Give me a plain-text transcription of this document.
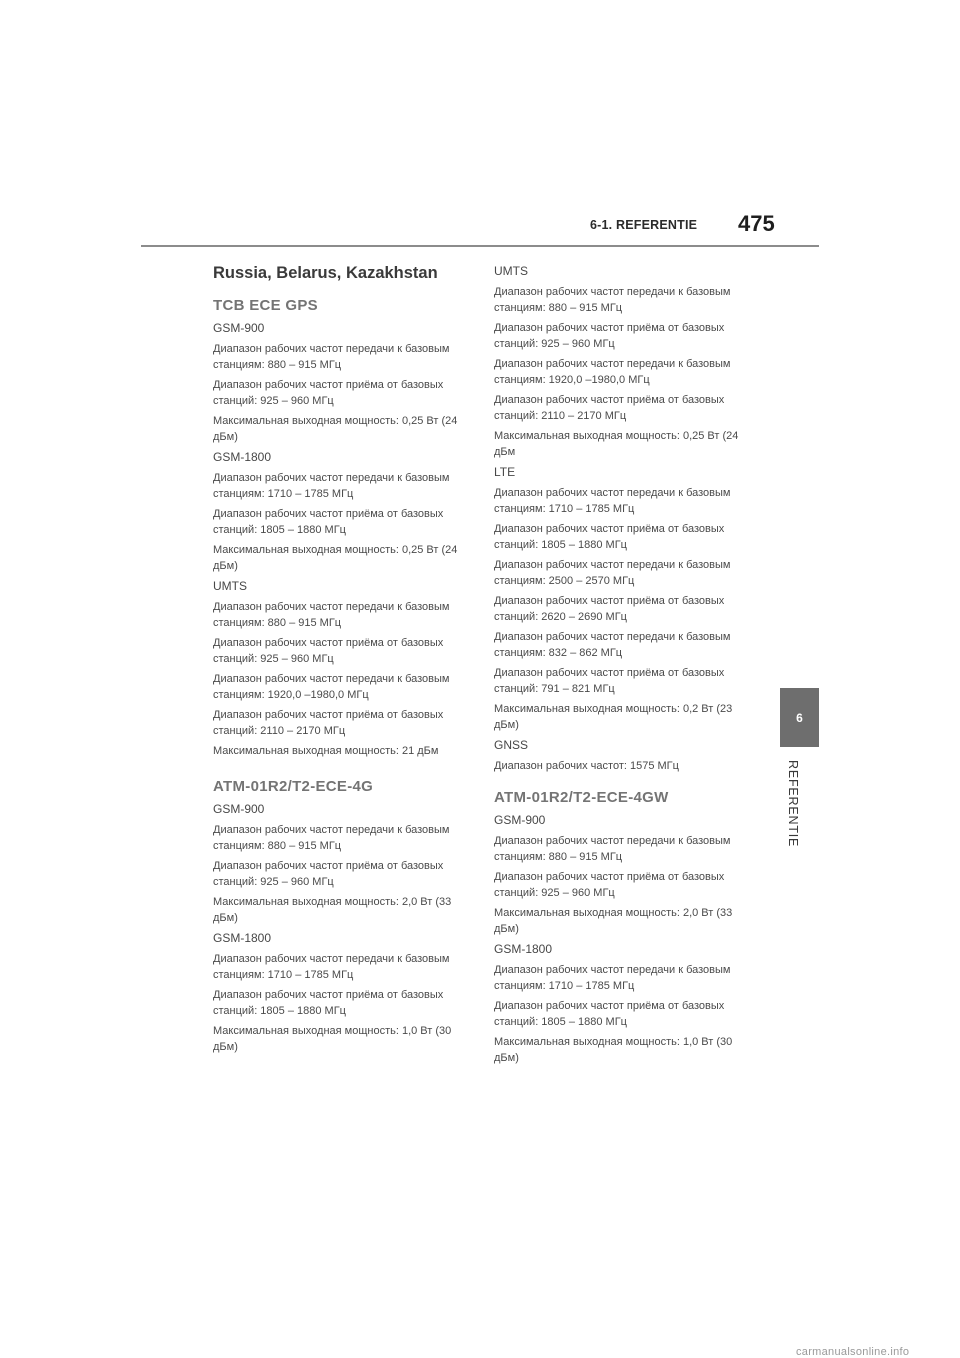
6-1. REFERENTIE 475
6
REFERENTIE
Russia, Belarus, Kazakhstan
TCB ECE GPS
GSM-900
Диапазон рабочих частот передачи к базовым станциям: 880 – 915 МГц
Диапазон рабочих частот приёма от базовых станций: 925 – 960 МГц
Максимальная выходная мощность: 0,25 Вт (24 дБм)
GSM-1800
Диапазон рабочих частот передачи к базовым станциям: 1710 – 1785 МГц
Диапазон рабочих частот приёма от базовых станций: 1805 – 1880 МГц
Максимальная выходная мощность: 0,25 Вт (24 дБм)
UMTS
Диапазон рабочих частот передачи к базовым станциям: 880 – 915 МГц
Диапазон рабочих частот приёма от базовых станций: 925 – 960 МГц
Диапазон рабочих частот передачи к базовым станциям: 1920,0 –1980,0 МГц
Диапазон рабочих частот приёма от базовых станций: 2110 – 2170 МГц
Максимальная выходная мощность: 21 дБм
ATM-01R2/T2-ECE-4G
GSM-900
Диапазон рабочих частот передачи к базовым станциям: 880 – 915 МГц
Диапазон рабочих частот приёма от базовых станций: 925 – 960 МГц
Максимальная выходная мощность: 2,0 Вт (33 дБм)
GSM-1800
Диапазон рабочих частот передачи к базовым станциям: 1710 – 1785 МГц
Диапазон рабочих частот приёма от базовых станций: 1805 – 1880 МГц
Максимальная выходная мощность: 1,0 Вт (30 дБм)
UMTS
Диапазон рабочих частот передачи к базовым станциям: 880 – 915 МГц
Диапазон рабочих частот приёма от базовых станций: 925 – 960 МГц
Диапазон рабочих частот передачи к базовым станциям: 1920,0 –1980,0 МГц
Диапазон рабочих частот приёма от базовых станций: 2110 – 2170 МГц
Максимальная выходная мощность: 0,25 Вт (24 дБм
LTE
Диапазон рабочих частот передачи к базовым станциям: 1710 – 1785 МГц
Диапазон рабочих частот приёма от базовых станций: 1805 – 1880 МГц
Диапазон рабочих частот передачи к базовым станциям: 2500 – 2570 МГц
Диапазон рабочих частот приёма от базовых станций: 2620 – 2690 МГц
Диапазон рабочих частот передачи к базовым станциям: 832 – 862 МГц
Диапазон рабочих частот приёма от базовых станций: 791 – 821 МГц
Максимальная выходная мощность: 0,2 Вт (23 дБм)
GNSS
Диапазон рабочих частот: 1575 МГц
ATM-01R2/T2-ECE-4GW
GSM-900
Диапазон рабочих частот передачи к базовым станциям: 880 – 915 МГц
Диапазон рабочих частот приёма от базовых станций: 925 – 960 МГц
Максимальная выходная мощность: 2,0 Вт (33 дБм)
GSM-1800
Диапазон рабочих частот передачи к базовым станциям: 1710 – 1785 МГц
Диапазон рабочих частот приёма от базовых станций: 1805 – 1880 МГц
Максимальная выходная мощность: 1,0 Вт (30 дБм)
carmanualsonline.info
